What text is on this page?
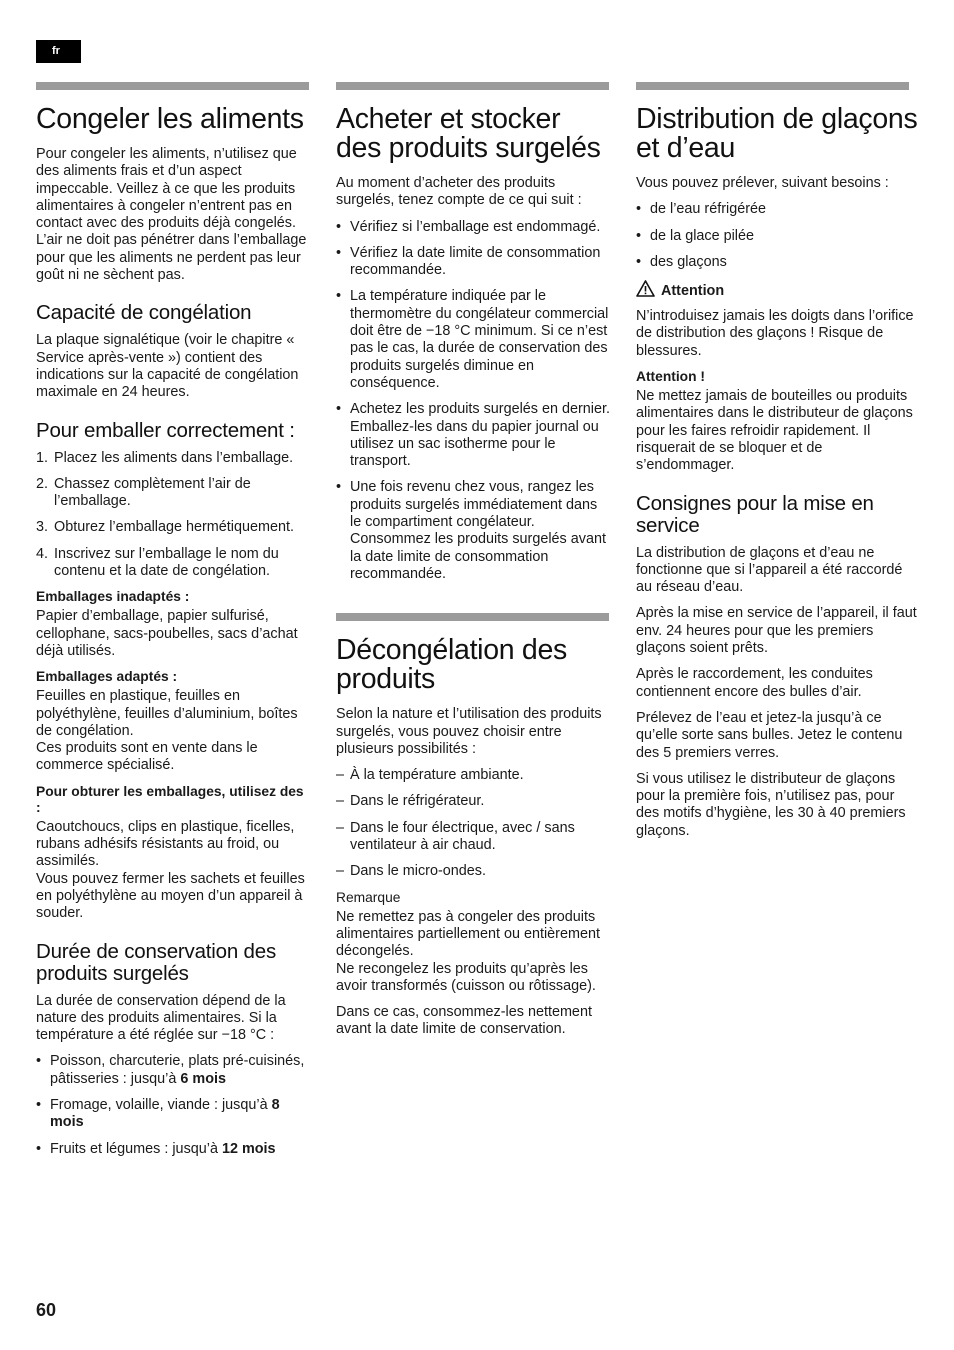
fr
Congeler les aliments

Pour congeler les aliments, n’utilisez que des aliments frais et d’un aspect impeccable. Veillez à ce que les produits alimentaires à congeler n’entrent pas en contact avec des produits déjà congelés. L’air ne doit pas pénétrer dans l’emballage pour que les aliments ne perdent pas leur goût ni ne sèchent pas.

Capacité de congélation

La plaque signalétique (voir le chapitre « Service après-vente ») contient des indications sur la capacité de congélation maximale en 24 heures.

Pour emballer correctement :
1. Placez les aliments dans l’emballage.
2. Chassez complètement l’air de l’emballage.
3. Obturez l’emballage hermétiquement.
4. Inscrivez sur l’emballage le nom du contenu et la date de congélation.
Emballages inadaptés :

Papier d’emballage, papier sulfurisé, cellophane, sacs-poubelles, sacs d’achat déjà utilisés.

Emballages adaptés :

Feuilles en plastique, feuilles en polyéthylène, feuilles d’aluminium, boîtes de congélation.

Ces produits sont en vente dans le commerce spécialisé.

Pour obturer les emballages, utilisez des :

Caoutchoucs, clips en plastique, ficelles, rubans adhésifs résistants au froid, ou assimilés.

Vous pouvez fermer les sachets et feuilles en polyéthylène au moyen d’un appareil à souder.

Durée de conservation des produits surgelés

La durée de conservation dépend de la nature des produits alimentaires. Si la température a été réglée sur −18 °C :

• Poisson, charcuterie, plats pré-cuisinés, pâtisseries : jusqu’à 6 mois
• Fromage, volaille, viande : jusqu’à 8 mois
• Fruits et légumes : jusqu’à 12 mois
Acheter et stocker des produits surgelés

Au moment d’acheter des produits surgelés, tenez compte de ce qui suit :

• Vérifiez si l’emballage est endommagé.
• Vérifiez la date limite de consommation recommandée.
• La température indiquée par le thermomètre du congélateur commercial doit être de −18 °C minimum. Si ce n’est pas le cas, la durée de conservation des produits surgelés diminue en conséquence.
• Achetez les produits surgelés en dernier. Emballez-les dans du papier journal ou utilisez un sac isotherme pour le transport.
• Une fois revenu chez vous, rangez les produits surgelés immédiatement dans le compartiment congélateur. Consommez les produits surgelés avant la date limite de consommation recommandée.
Décongélation des produits

Selon la nature et l’utilisation des produits surgelés, vous pouvez choisir entre plusieurs possibilités :

– À la température ambiante.
– Dans le réfrigérateur.
– Dans le four électrique, avec / sans ventilateur à air chaud.
– Dans le micro-ondes.
Remarque

Ne remettez pas à congeler des produits alimentaires partiellement ou entièrement décongelés.

Ne recongelez les produits qu’après les avoir transformés (cuisson ou rôtissage).

Dans ce cas, consommez-les nettement avant la date limite de conservation.

Distribution de glaçons et d’eau

Vous pouvez prélever, suivant besoins :

• de l’eau réfrigérée
• de la glace pilée
• des glaçons
Attention

N’introduisez jamais les doigts dans l’orifice de distribution des glaçons ! Risque de blessures.

Attention !

Ne mettez jamais de bouteilles ou produits alimentaires dans le distributeur de glaçons pour les faires refroidir rapidement. Il risquerait de se bloquer et de s’endommager.

Consignes pour la mise en service

La distribution de glaçons et d’eau ne fonctionne que si l’appareil a été raccordé au réseau d’eau.

Après la mise en service de l’appareil, il faut env. 24 heures pour que les premiers glaçons soient prêts.

Après le raccordement, les conduites contiennent encore des bulles d’air.

Prélevez de l’eau et jetez-la jusqu’à ce qu’elle sorte sans bulles. Jetez le contenu des 5 premiers verres.

Si vous utilisez le distributeur de glaçons pour la première fois, n’utilisez pas, pour des motifs d’hygiène, les 30 à 40 premiers glaçons.

60
